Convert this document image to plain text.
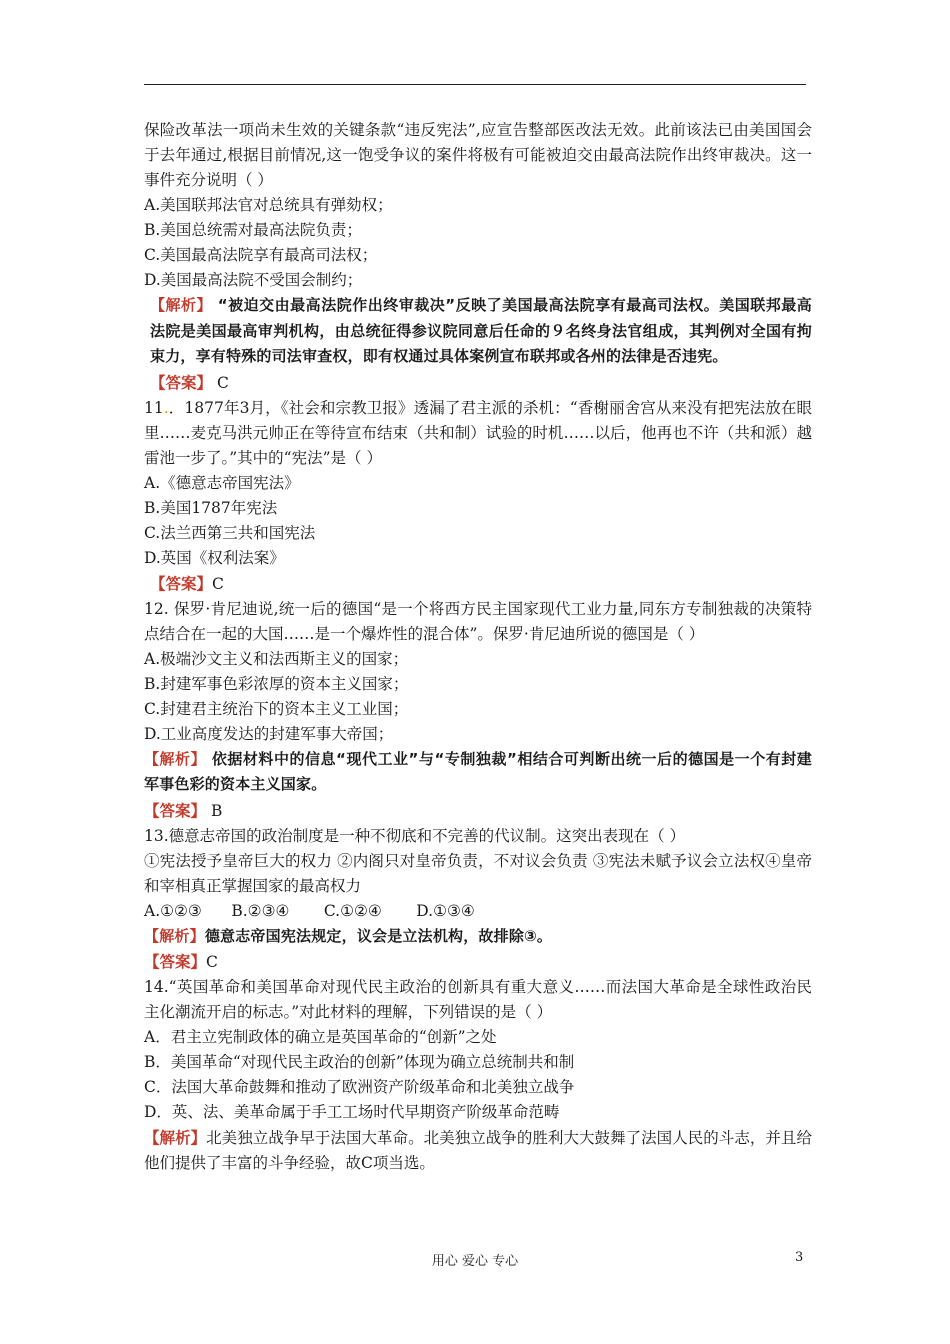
保险改革法一项尚未生效的关键条款“违反宪法”,应宣告整部医改法无效。此前该法已由美国国会于去年通过,根据目前情况,这一饱受争议的案件将极有可能被迫交由最高法院作出终审裁决。这一事件充分说明（ ）

A.美国联邦法官对总统具有弹劾权；

B.美国总统需对最高法院负责；

C.美国最高法院享有最高司法权；

D.美国最高法院不受国会制约；

【解析】 “被迫交由最高法院作出终审裁决”反映了美国最高法院享有最高司法权。美国联邦最高法院是美国最高审判机构，由总统征得参议院同意后任命的９名终身法官组成，其判例对全国有拘束力，享有特殊的司法审查权，即有权通过具体案例宣布联邦或各州的法律是否违宪。

【答案】 C

11.．1877年3月，《社会和宗教卫报》透漏了君主派的杀机：“香榭丽舍宫从来没有把宪法放在眼里……麦克马洪元帅正在等待宣布结束（共和制）试验的时机……以后，他再也不许（共和派）越雷池一步了。”其中的“宪法”是（ ）

A.《德意志帝国宪法》

B.美国1787年宪法

C.法兰西第三共和国宪法

D.英国《权利法案》

【答案】C

12. 保罗·肯尼迪说,统一后的德国“是一个将西方民主国家现代工业力量,同东方专制独裁的决策特点结合在一起的大国……是一个爆炸性的混合体”。保罗·肯尼迪所说的德国是（ ）

A.极端沙文主义和法西斯主义的国家；

B.封建军事色彩浓厚的资本主义国家；

C.封建君主统治下的资本主义工业国；

D.工业高度发达的封建军事大帝国；

【解析】 依据材料中的信息“现代工业”与“专制独裁”相结合可判断出统一后的德国是一个有封建军事色彩的资本主义国家。

【答案】 B

13.德意志帝国的政治制度是一种不彻底和不完善的代议制。这突出表现在（ ）

①宪法授予皇帝巨大的权力 ②内阁只对皇帝负责，不对议会负责 ③宪法未赋予议会立法权④皇帝和宰相真正掌握国家的最高权力

A.①②③      B.②③④       C.①②④       D.①③④

【解析】德意志帝国宪法规定，议会是立法机构，故排除③。

【答案】C

14.“英国革命和美国革命对现代民主政治的创新具有重大意义……而法国大革命是全球性政治民主化潮流开启的标志。”对此材料的理解，下列错误的是（ ）

A．君主立宪制政体的确立是英国革命的“创新”之处

B．美国革命“对现代民主政治的创新”体现为确立总统制共和制

C．法国大革命鼓舞和推动了欧洲资产阶级革命和北美独立战争

D．英、法、美革命属于手工工场时代早期资产阶级革命范畴

【解析】北美独立战争早于法国大革命。北美独立战争的胜利大大鼓舞了法国人民的斗志，并且给他们提供了丰富的斗争经验，故C项当选。

用心 爱心 专心	3
